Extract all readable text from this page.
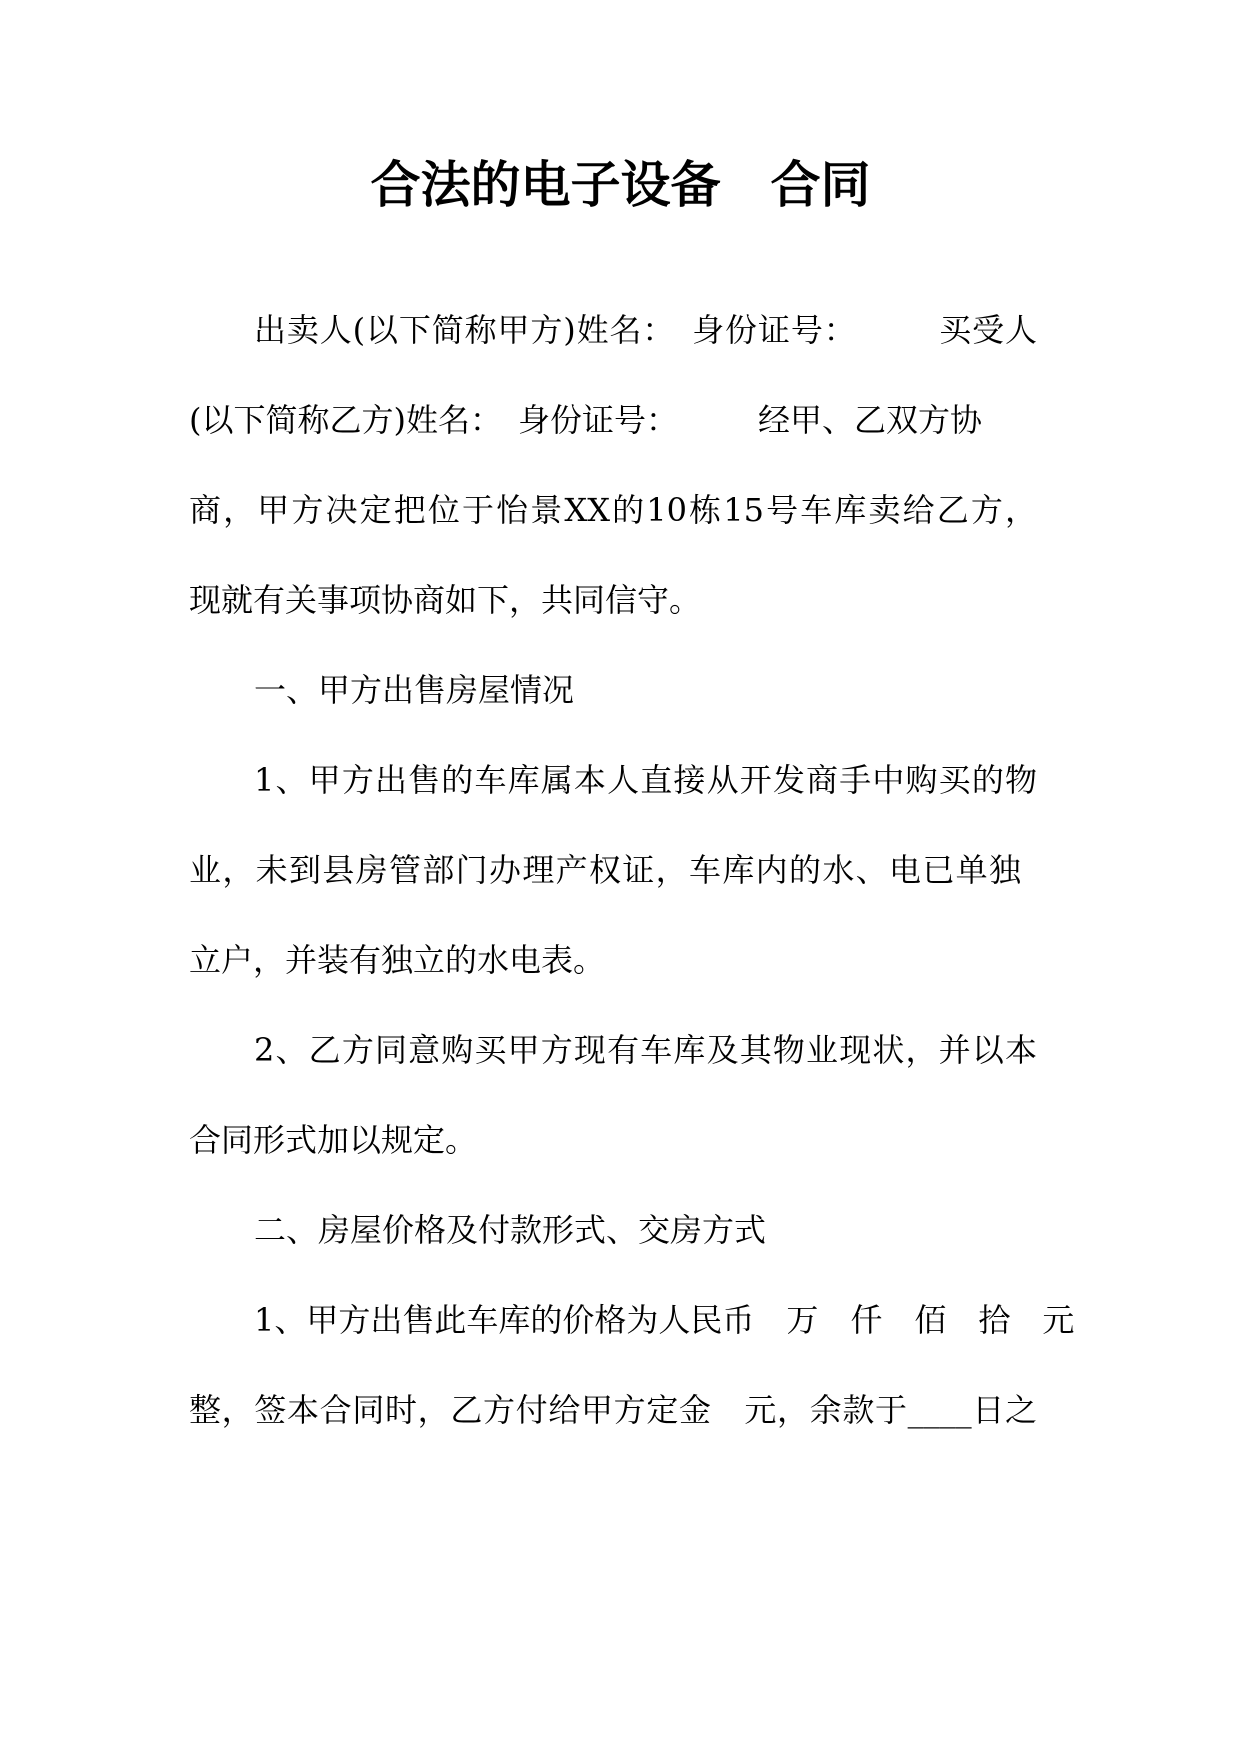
合法的电子设备　合同
出卖人(以下简称甲方)姓名：　身份证号：　　　买受人
(以下简称乙方)姓名：　身份证号：　　　经甲、乙双方协
商，甲方决定把位于怡景XX的10栋15号车库卖给乙方，
现就有关事项协商如下，共同信守。
一、甲方出售房屋情况
1、甲方出售的车库属本人直接从开发商手中购买的物
业，未到县房管部门办理产权证，车库内的水、电已单独
立户，并装有独立的水电表。
2、乙方同意购买甲方现有车库及其物业现状，并以本
合同形式加以规定。
二、房屋价格及付款形式、交房方式
1、甲方出售此车库的价格为人民币　万　仟　佰　拾　元
整，签本合同时，乙方付给甲方定金　元，余款于____日之
